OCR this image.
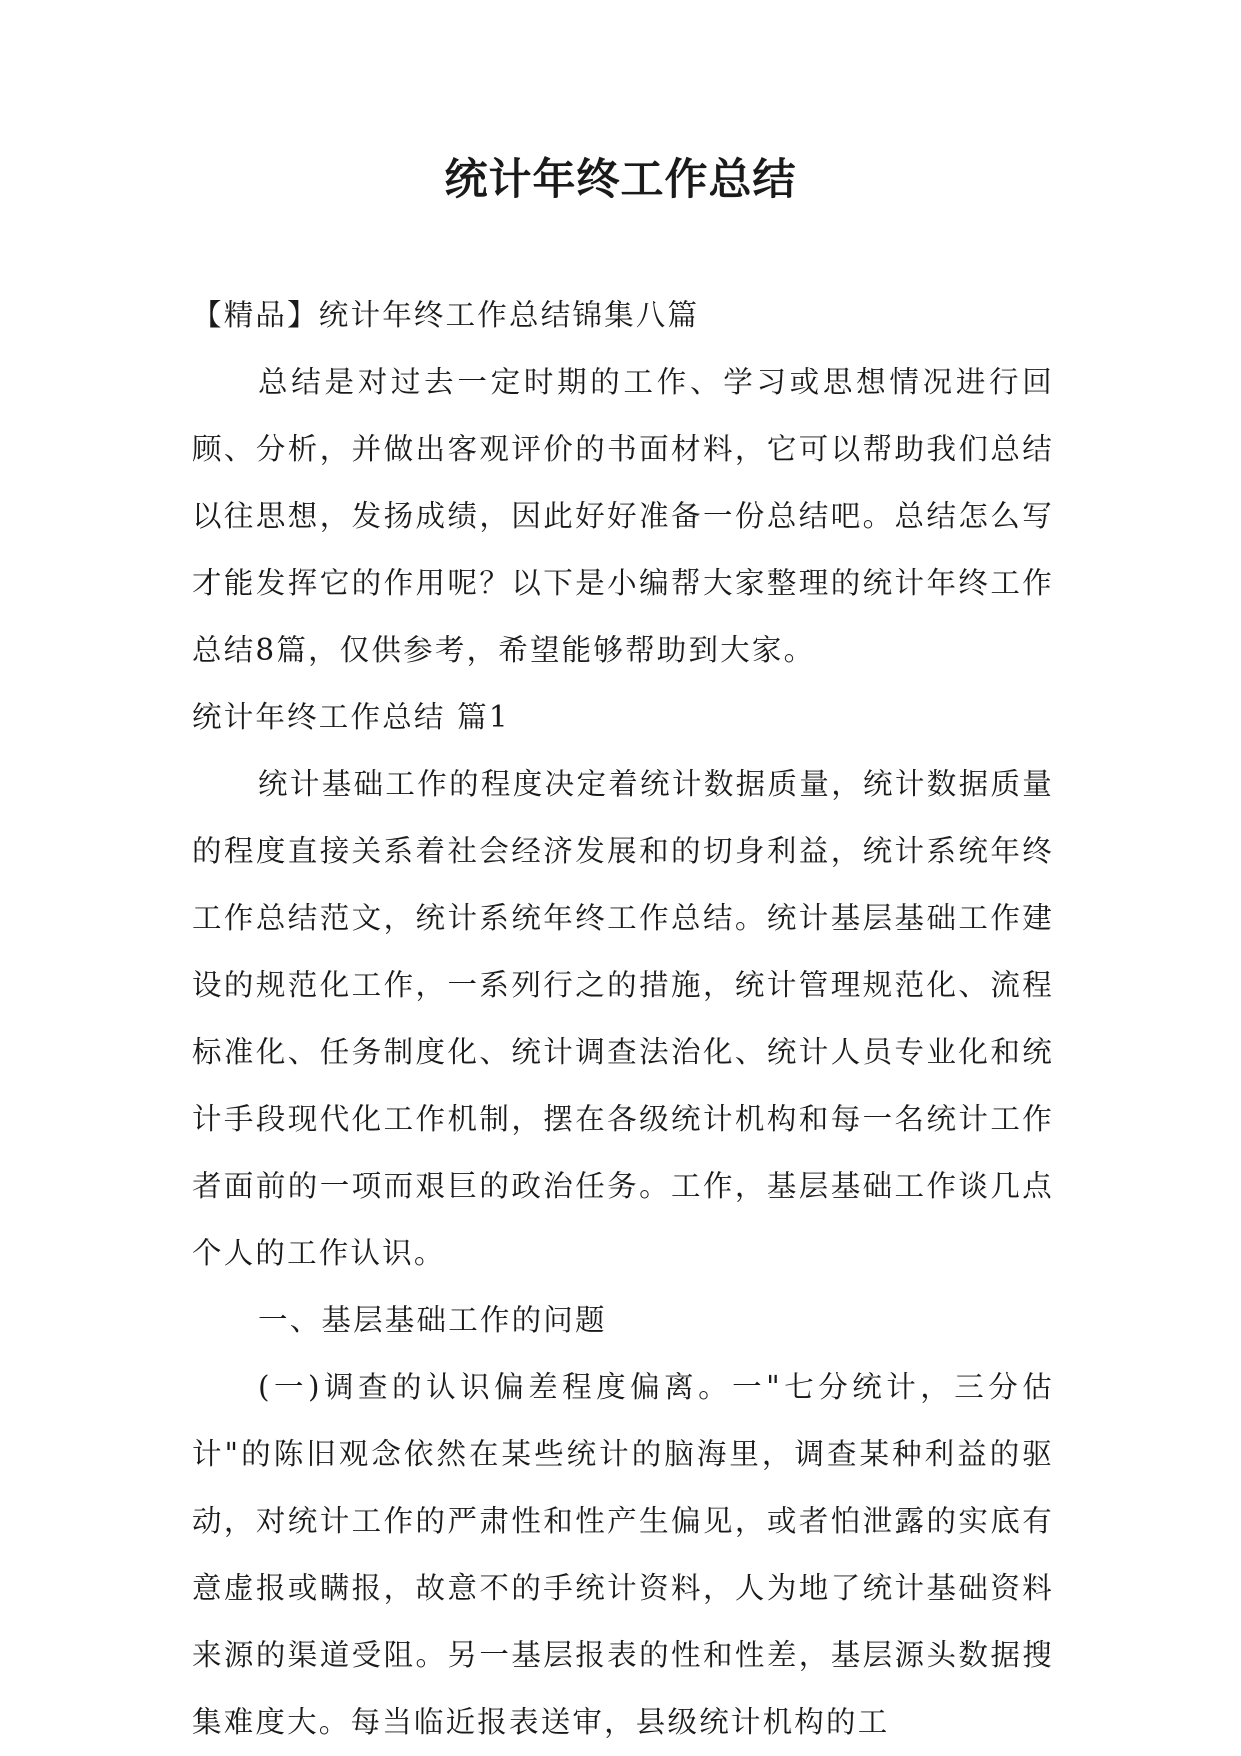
统计年终工作总结

【精品】统计年终工作总结锦集八篇

总结是对过去一定时期的工作、学习或思想情况进行回顾、分析，并做出客观评价的书面材料，它可以帮助我们总结以往思想，发扬成绩，因此好好准备一份总结吧。总结怎么写才能发挥它的作用呢？以下是小编帮大家整理的统计年终工作总结8篇，仅供参考，希望能够帮助到大家。

统计年终工作总结 篇1

统计基础工作的程度决定着统计数据质量，统计数据质量的程度直接关系着社会经济发展和的切身利益，统计系统年终工作总结范文，统计系统年终工作总结。统计基层基础工作建设的规范化工作，一系列行之的措施，统计管理规范化、流程标准化、任务制度化、统计调查法治化、统计人员专业化和统计手段现代化工作机制，摆在各级统计机构和每一名统计工作者面前的一项而艰巨的政治任务。工作，基层基础工作谈几点个人的工作认识。

一、基层基础工作的问题

(一)调查的认识偏差程度偏离。一"七分统计，三分估计"的陈旧观念依然在某些统计的脑海里，调查某种利益的驱动，对统计工作的严肃性和性产生偏见，或者怕泄露的实底有意虚报或瞒报，故意不的手统计资料，人为地了统计基础资料来源的渠道受阻。另一基层报表的性和性差，基层源头数据搜集难度大。每当临近报表送审，县级统计机构的工
